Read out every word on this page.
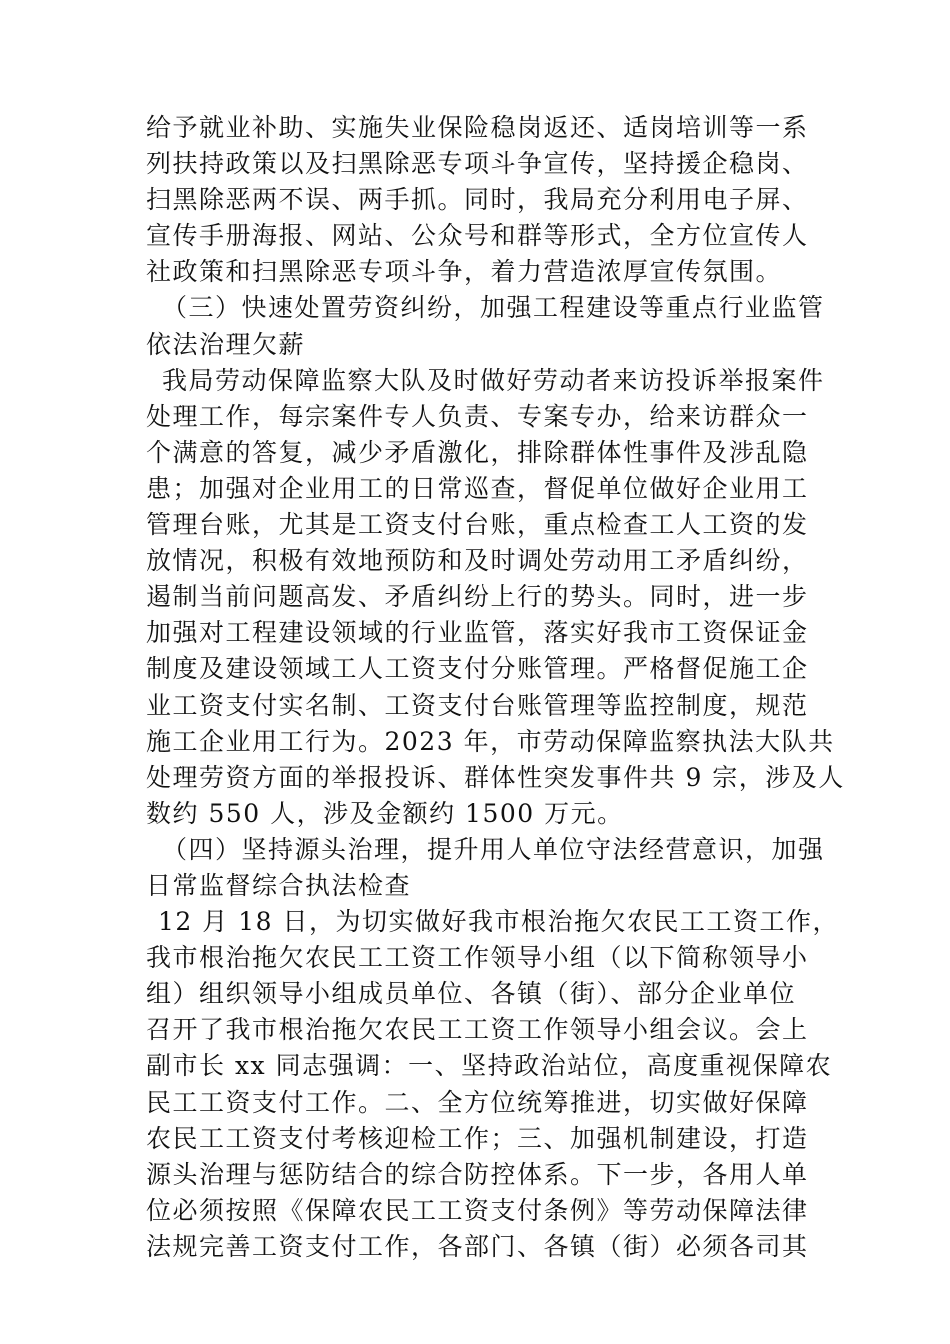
给予就业补助、实施失业保险稳岗返还、适岗培训等一系
列扶持政策以及扫黑除恶专项斗争宣传，坚持援企稳岗、
扫黑除恶两不误、两手抓。同时，我局充分利用电子屏、
宣传手册海报、网站、公众号和群等形式，全方位宣传人
社政策和扫黑除恶专项斗争，着力营造浓厚宣传氛围。
（三）快速处置劳资纠纷，加强工程建设等重点行业监管
依法治理欠薪
我局劳动保障监察大队及时做好劳动者来访投诉举报案件
处理工作，每宗案件专人负责、专案专办，给来访群众一
个满意的答复，减少矛盾激化，排除群体性事件及涉乱隐
患；加强对企业用工的日常巡查，督促单位做好企业用工
管理台账，尤其是工资支付台账，重点检查工人工资的发
放情况，积极有效地预防和及时调处劳动用工矛盾纠纷，
遏制当前问题高发、矛盾纠纷上行的势头。同时，进一步
加强对工程建设领域的行业监管，落实好我市工资保证金
制度及建设领域工人工资支付分账管理。严格督促施工企
业工资支付实名制、工资支付台账管理等监控制度，规范
施工企业用工行为。2023 年，市劳动保障监察执法大队共
处理劳资方面的举报投诉、群体性突发事件共 9 宗，涉及人
数约 550 人，涉及金额约 1500 万元。
（四）坚持源头治理，提升用人单位守法经营意识，加强
日常监督综合执法检查
12 月 18 日，为切实做好我市根治拖欠农民工工资工作，
我市根治拖欠农民工工资工作领导小组（以下简称领导小
组）组织领导小组成员单位、各镇（街）、部分企业单位
召开了我市根治拖欠农民工工资工作领导小组会议。会上
副市长 xx 同志强调：一、坚持政治站位，高度重视保障农
民工工资支付工作。二、全方位统筹推进，切实做好保障
农民工工资支付考核迎检工作；三、加强机制建设，打造
源头治理与惩防结合的综合防控体系。下一步，各用人单
位必须按照《保障农民工工资支付条例》等劳动保障法律
法规完善工资支付工作，各部门、各镇（街）必须各司其
